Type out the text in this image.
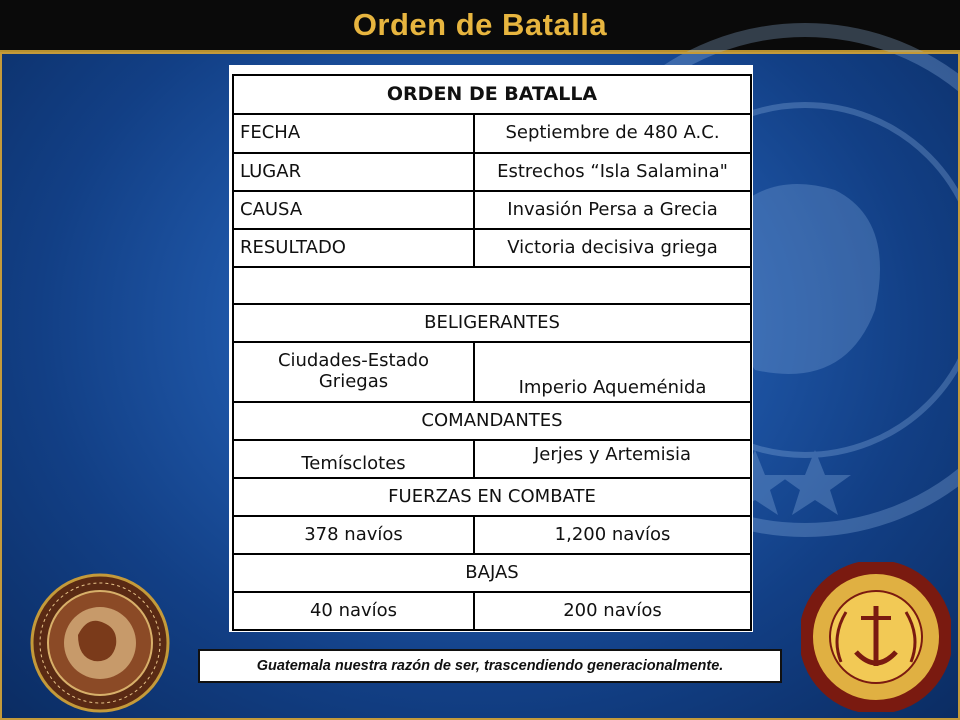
Orden de Batalla
ORDEN DE BATALLA	
FECHA	Septiembre de 480 A.C.
LUGAR	Estrechos “Isla Salamina"
CAUSA	Invasión Persa a Grecia
RESULTADO	Victoria decisiva griega

BELIGERANTES	
Ciudades-Estado Griegas	Imperio Aqueménida
COMANDANTES	
Temísclotes	Jerjes y Artemisia
FUERZAS EN COMBATE	
378 navíos	1,200 navíos
BAJAS	
40 navíos	200 navíos
Guatemala nuestra razón de ser, trascendiendo generacionalmente.
